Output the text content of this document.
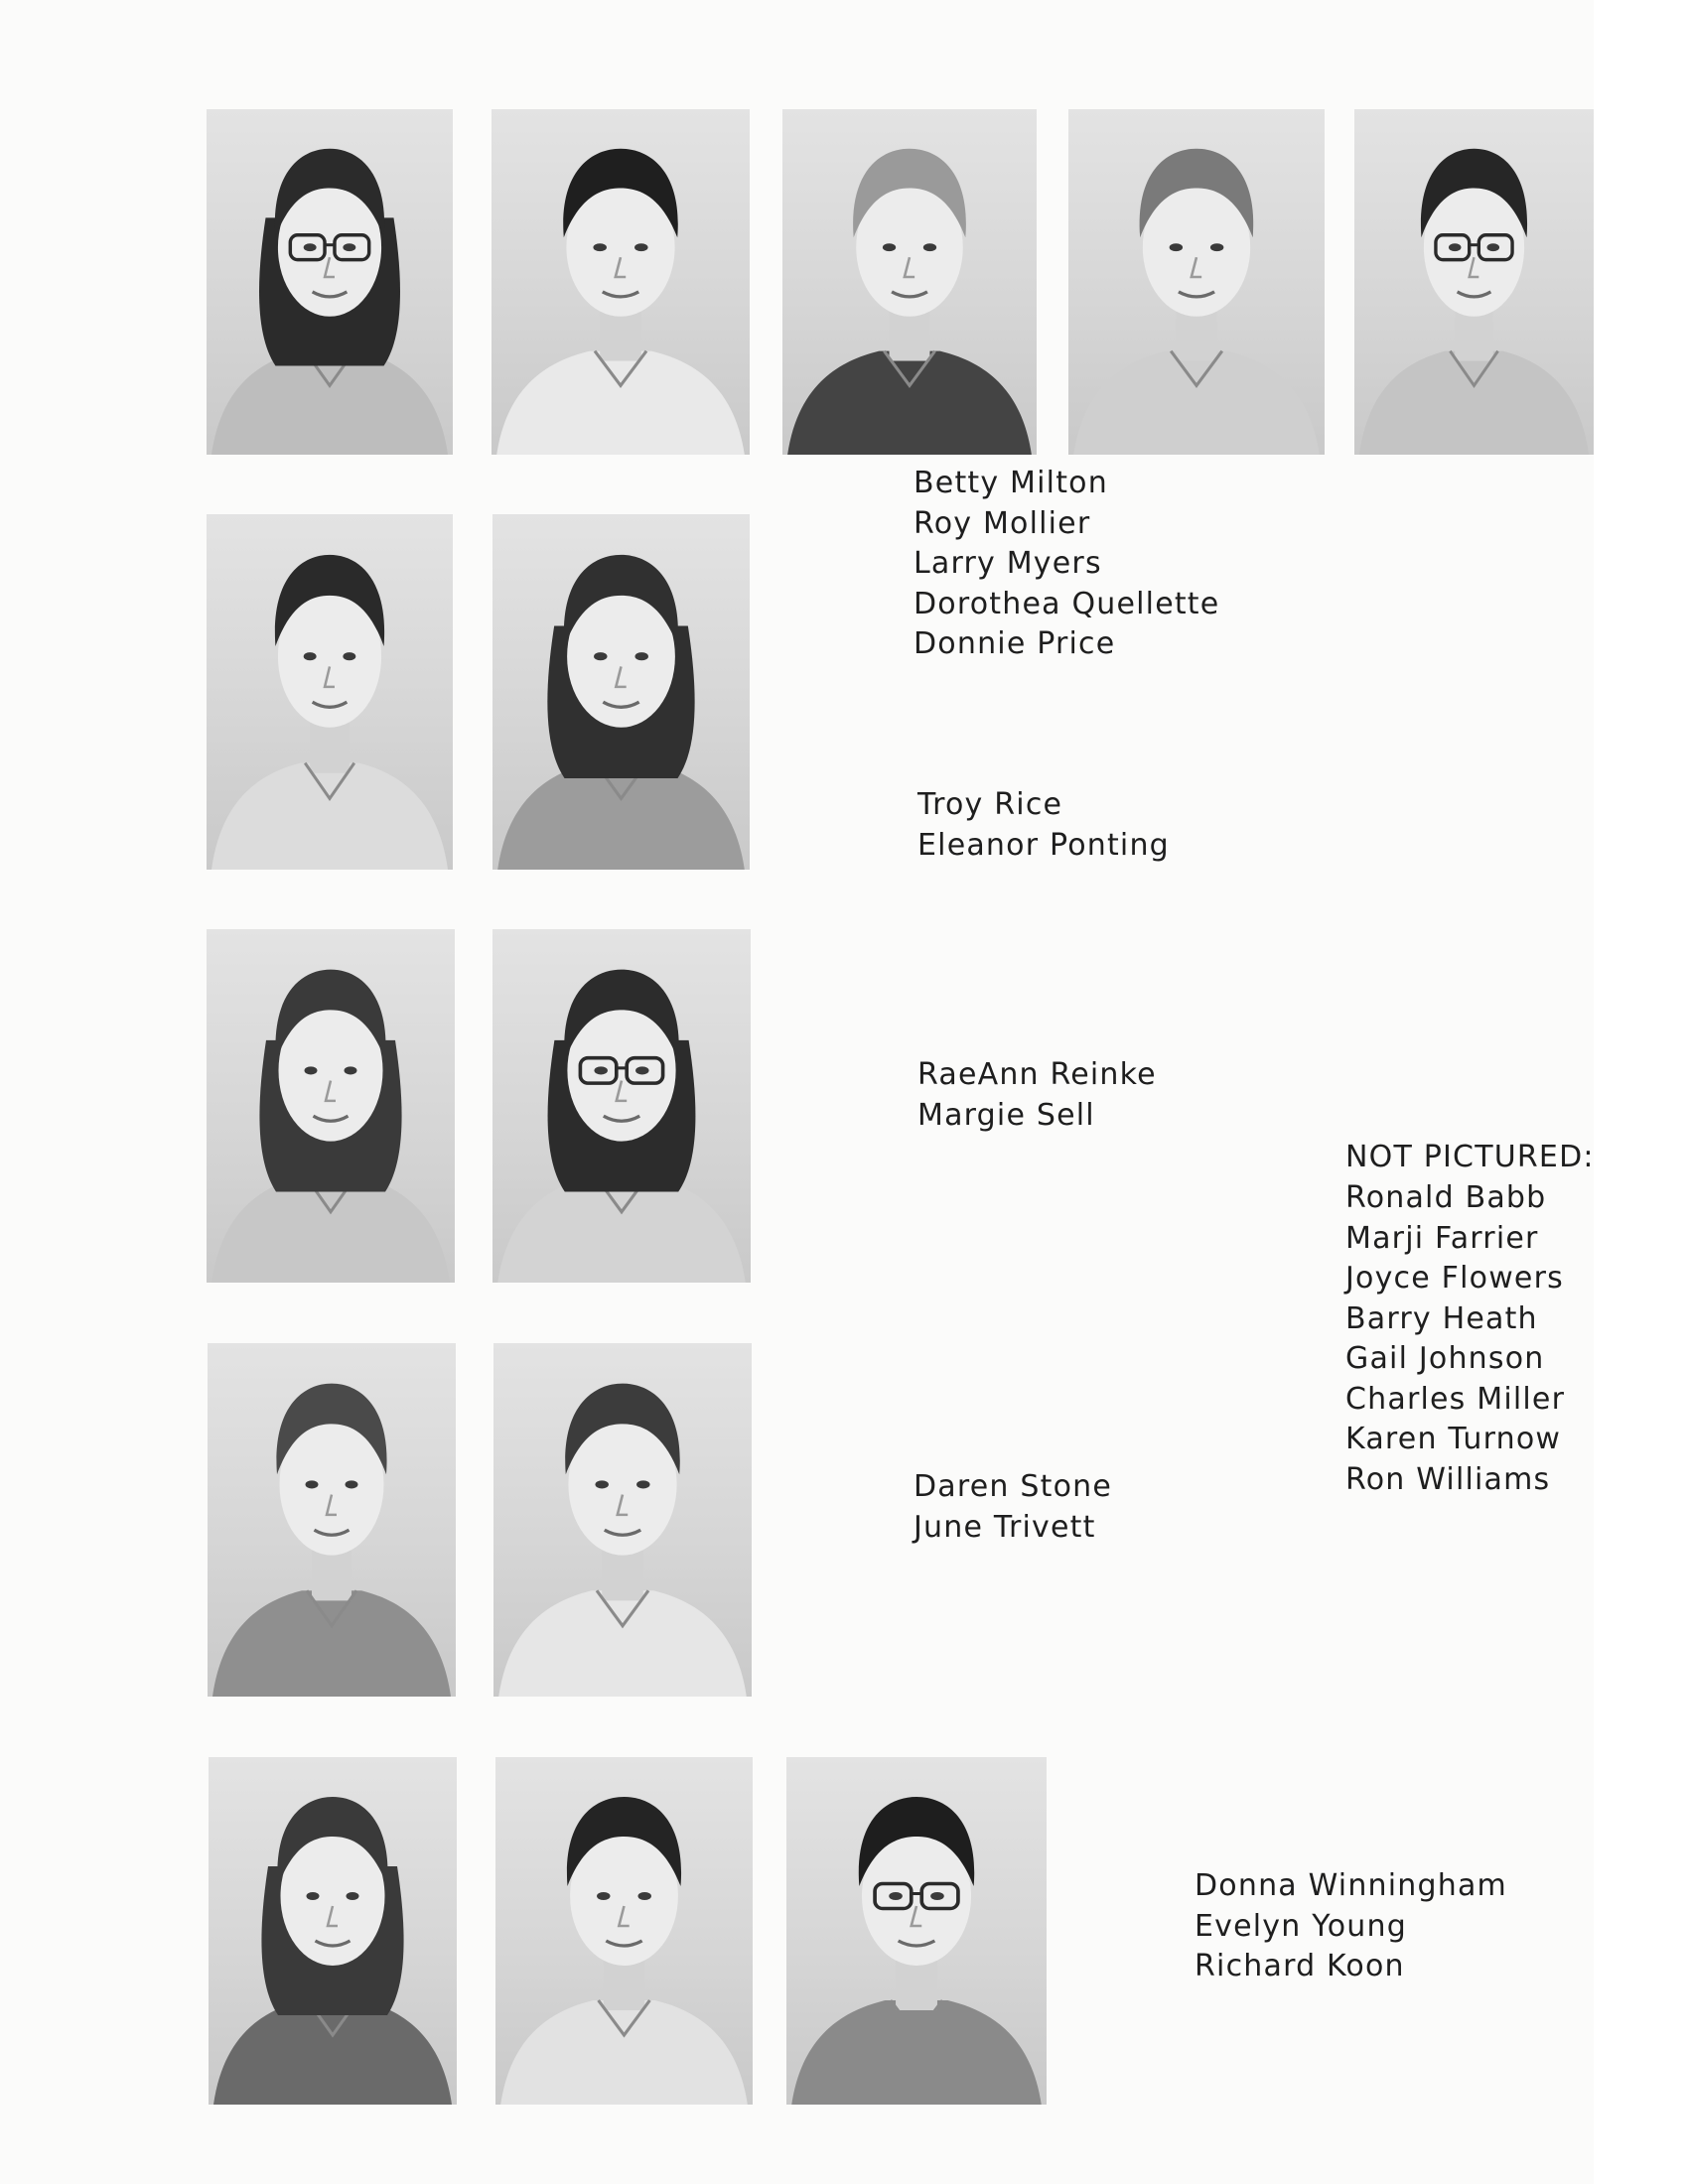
Betty Milton
Roy Mollier
Larry Myers
Dorothea Quellette
Donnie Price
Troy Rice
Eleanor Ponting
RaeAnn Reinke
Margie Sell
Daren Stone
June Trivett
Donna Winningham
Evelyn Young
Richard Koon
NOT PICTURED:
Ronald Babb
Marji Farrier
Joyce Flowers
Barry Heath
Gail Johnson
Charles Miller
Karen Turnow
Ron Williams
